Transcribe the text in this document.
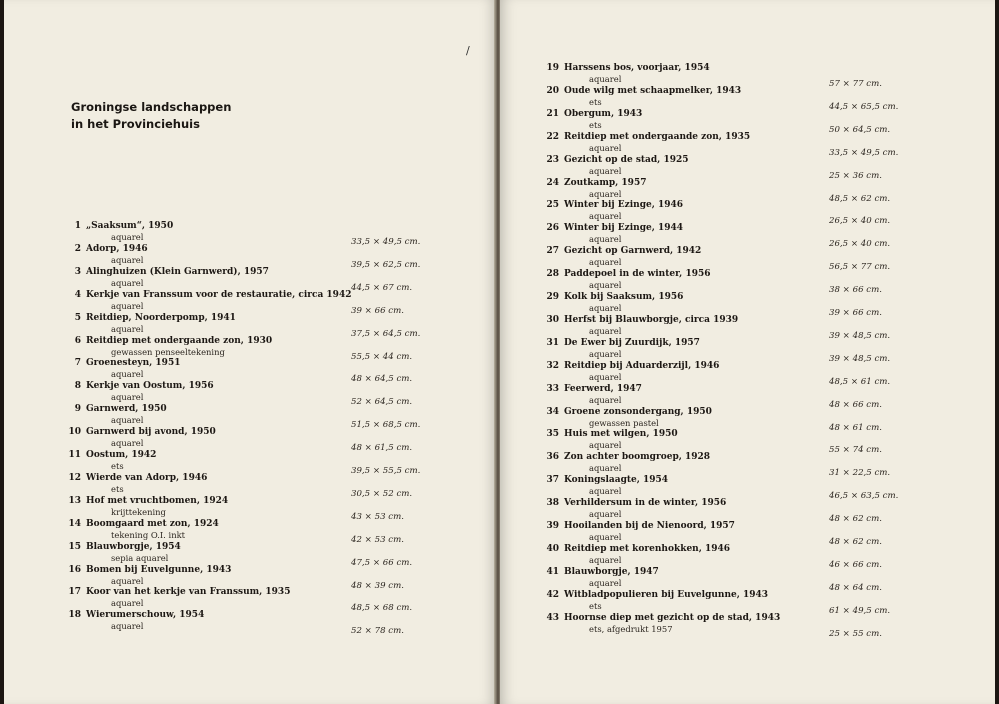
Groningse landschappen
in het Provinciehuis
/
1 „Saaksum“, 1950
aquarel	33,5 × 49,5 cm.
2 Adorp, 1946
aquarel	39,5 × 62,5 cm.
3 Alinghuizen (Klein Garnwerd), 1957
aquarel	44,5 × 67 cm.
4 Kerkje van Franssum voor de restauratie, circa 1942
aquarel	39 × 66 cm.
5 Reitdiep, Noorderpomp, 1941
aquarel	37,5 × 64,5 cm.
6 Reitdiep met ondergaande zon, 1930
gewassen penseeltekening	55,5 × 44 cm.
7 Groenesteyn, 1951
aquarel	48 × 64,5 cm.
8 Kerkje van Oostum, 1956
aquarel	52 × 64,5 cm.
9 Garnwerd, 1950
aquarel	51,5 × 68,5 cm.
10 Garnwerd bij avond, 1950
aquarel	48 × 61,5 cm.
11 Oostum, 1942
ets	39,5 × 55,5 cm.
12 Wierde van Adorp, 1946
ets	30,5 × 52 cm.
13 Hof met vruchtbomen, 1924
krijttekening	43 × 53 cm.
14 Boomgaard met zon, 1924
tekening O.I. inkt	42 × 53 cm.
15 Blauwborgje, 1954
sepia aquarel	47,5 × 66 cm.
16 Bomen bij Euvelgunne, 1943
aquarel	48 × 39 cm.
17 Koor van het kerkje van Franssum, 1935
aquarel	48,5 × 68 cm.
18 Wierumerschouw, 1954
aquarel	52 × 78 cm.
19 Harssens bos, voorjaar, 1954
aquarel	57 × 77 cm.
20 Oude wilg met schaapmelker, 1943
ets	44,5 × 65,5 cm.
21 Obergum, 1943
ets	50 × 64,5 cm.
22 Reitdiep met ondergaande zon, 1935
aquarel	33,5 × 49,5 cm.
23 Gezicht op de stad, 1925
aquarel	25 × 36 cm.
24 Zoutkamp, 1957
aquarel	48,5 × 62 cm.
25 Winter bij Ezinge, 1946
aquarel	26,5 × 40 cm.
26 Winter bij Ezinge, 1944
aquarel	26,5 × 40 cm.
27 Gezicht op Garnwerd, 1942
aquarel	56,5 × 77 cm.
28 Paddepoel in de winter, 1956
aquarel	38 × 66 cm.
29 Kolk bij Saaksum, 1956
aquarel	39 × 66 cm.
30 Herfst bij Blauwborgje, circa 1939
aquarel	39 × 48,5 cm.
31 De Ewer bij Zuurdijk, 1957
aquarel	39 × 48,5 cm.
32 Reitdiep bij Aduarderzijl, 1946
aquarel	48,5 × 61 cm.
33 Feerwerd, 1947
aquarel	48 × 66 cm.
34 Groene zonsondergang, 1950
gewassen pastel	48 × 61 cm.
35 Huis met wilgen, 1950
aquarel	55 × 74 cm.
36 Zon achter boomgroep, 1928
aquarel	31 × 22,5 cm.
37 Koningslaagte, 1954
aquarel	46,5 × 63,5 cm.
38 Verhildersum in de winter, 1956
aquarel	48 × 62 cm.
39 Hooilanden bij de Nienoord, 1957
aquarel	48 × 62 cm.
40 Reitdiep met korenhokken, 1946
aquarel	46 × 66 cm.
41 Blauwborgje, 1947
aquarel	48 × 64 cm.
42 Witbladpopulieren bij Euvelgunne, 1943
ets	61 × 49,5 cm.
43 Hoornse diep met gezicht op de stad, 1943
ets, afgedrukt 1957	25 × 55 cm.
